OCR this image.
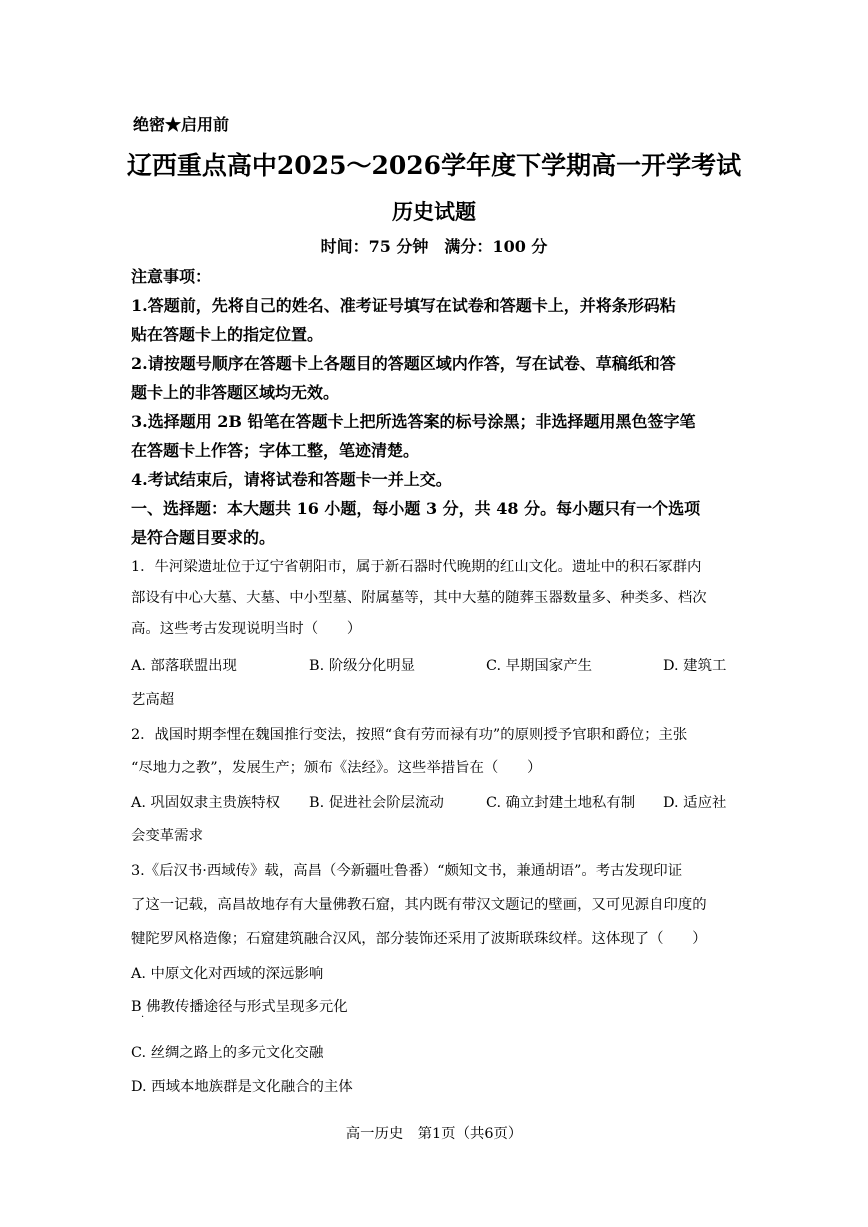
绝密★启用前
辽西重点高中2025～2026学年度下学期高一开学考试
历史试题
时间：75 分钟　满分：100 分
注意事项：
1.答题前，先将自己的姓名、准考证号填写在试卷和答题卡上，并将条形码粘
贴在答题卡上的指定位置。
2.请按题号顺序在答题卡上各题目的答题区域内作答，写在试卷、草稿纸和答
题卡上的非答题区域均无效。
3.选择题用 2B 铅笔在答题卡上把所选答案的标号涂黑；非选择题用黑色签字笔
在答题卡上作答；字体工整，笔迹清楚。
4.考试结束后，请将试卷和答题卡一并上交。
一、选择题：本大题共 16 小题，每小题 3 分，共 48 分。每小题只有一个选项
是符合题目要求的。
1．牛河梁遗址位于辽宁省朝阳市，属于新石器时代晚期的红山文化。遗址中的积石冢群内
部设有中心大墓、大墓、中小型墓、附属墓等，其中大墓的随葬玉器数量多、种类多、档次
高。这些考古发现说明当时（　　）
A. 部落联盟出现	B. 阶级分化明显	C. 早期国家产生	D. 建筑工
艺高超
2．战国时期李悝在魏国推行变法，按照“食有劳而禄有功”的原则授予官职和爵位；主张
“尽地力之教”，发展生产；颁布《法经》。这些举措旨在（　　）
A. 巩固奴隶主贵族特权 B. 促进社会阶层流动	C. 确立封建土地私有制 D. 适应社
会变革需求
3.《后汉书·西域传》载，高昌（今新疆吐鲁番）“颇知文书，兼通胡语”。考古发现印证
了这一记载，高昌故地存有大量佛教石窟，其内既有带汉文题记的壁画，又可见源自印度的
犍陀罗风格造像；石窟建筑融合汉风，部分装饰还采用了波斯联珠纹样。这体现了（　　）
A. 中原文化对西域的深远影响
B 佛教传播途径与形式呈现多元化
·
C. 丝绸之路上的多元文化交融
D. 西域本地族群是文化融合的主体
高一历史　第1页（共6页）
